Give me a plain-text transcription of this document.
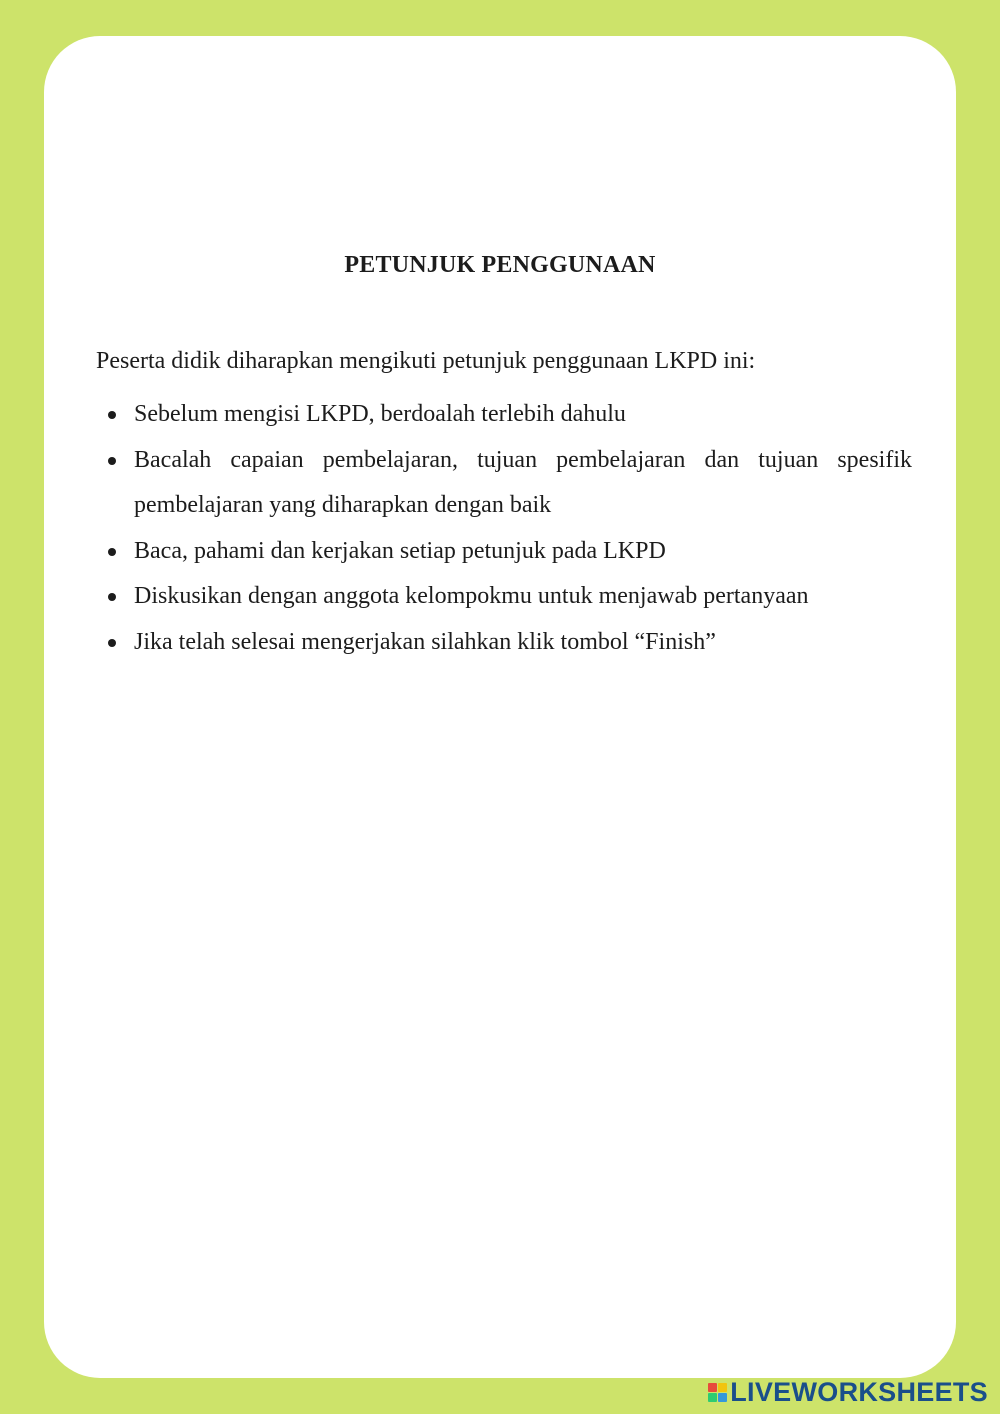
PETUNJUK PENGGUNAAN

Peserta didik diharapkan mengikuti petunjuk penggunaan LKPD ini:

Sebelum mengisi LKPD, berdoalah terlebih dahulu
Bacalah capaian pembelajaran, tujuan pembelajaran dan tujuan spesifik pembelajaran yang diharapkan dengan baik
Baca, pahami dan kerjakan setiap petunjuk pada LKPD
Diskusikan dengan anggota kelompokmu untuk menjawab pertanyaan
Jika telah selesai mengerjakan silahkan klik tombol “Finish”
LIVEWORKSHEETS
